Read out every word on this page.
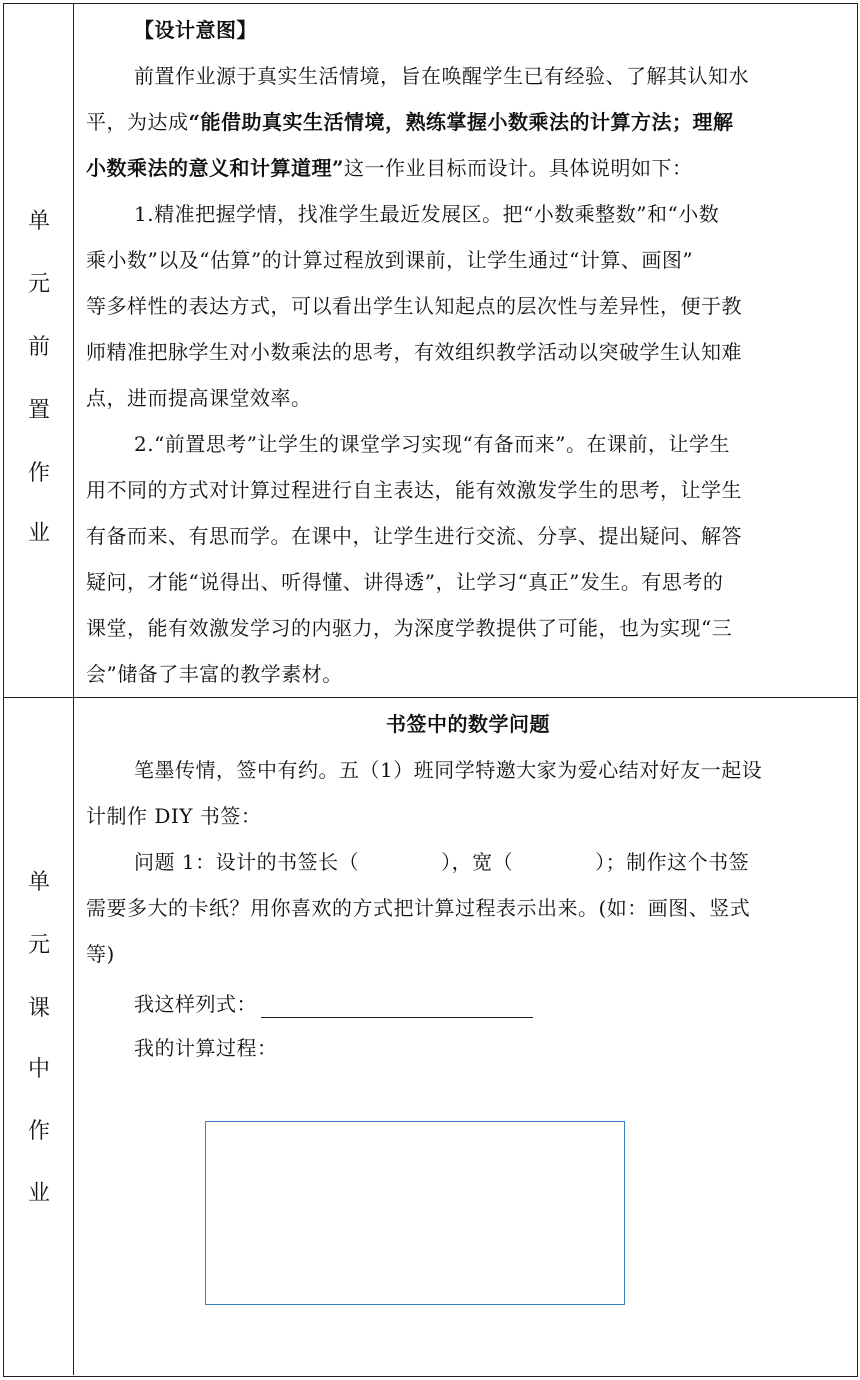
单
元
前
置
作
业
【设计意图】
前置作业源于真实生活情境，旨在唤醒学生已有经验、了解其认知水
平，为达成“能借助真实生活情境，熟练掌握小数乘法的计算方法；理解
小数乘法的意义和计算道理”这一作业目标而设计。具体说明如下：
1.精准把握学情，找准学生最近发展区。把“小数乘整数”和“小数
乘小数”以及“估算”的计算过程放到课前，让学生通过“计算、画图”
等多样性的表达方式，可以看出学生认知起点的层次性与差异性，便于教
师精准把脉学生对小数乘法的思考，有效组织教学活动以突破学生认知难
点，进而提高课堂效率。
2.“前置思考”让学生的课堂学习实现“有备而来”。在课前，让学生
用不同的方式对计算过程进行自主表达，能有效激发学生的思考，让学生
有备而来、有思而学。在课中，让学生进行交流、分享、提出疑问、解答
疑问，才能“说得出、听得懂、讲得透”，让学习“真正”发生。有思考的
课堂，能有效激发学习的内驱力，为深度学教提供了可能，也为实现“三
会”储备了丰富的教学素材。
单
元
课
中
作
业
书签中的数学问题
笔墨传情，签中有约。五（1）班同学特邀大家为爱心结对好友一起设
计制作 DIY 书签：
问题 1：设计的书签长（　　　　），宽（　　　　）；制作这个书签
需要多大的卡纸？用你喜欢的方式把计算过程表示出来。(如：画图、竖式
等)
我这样列式：
我的计算过程：
